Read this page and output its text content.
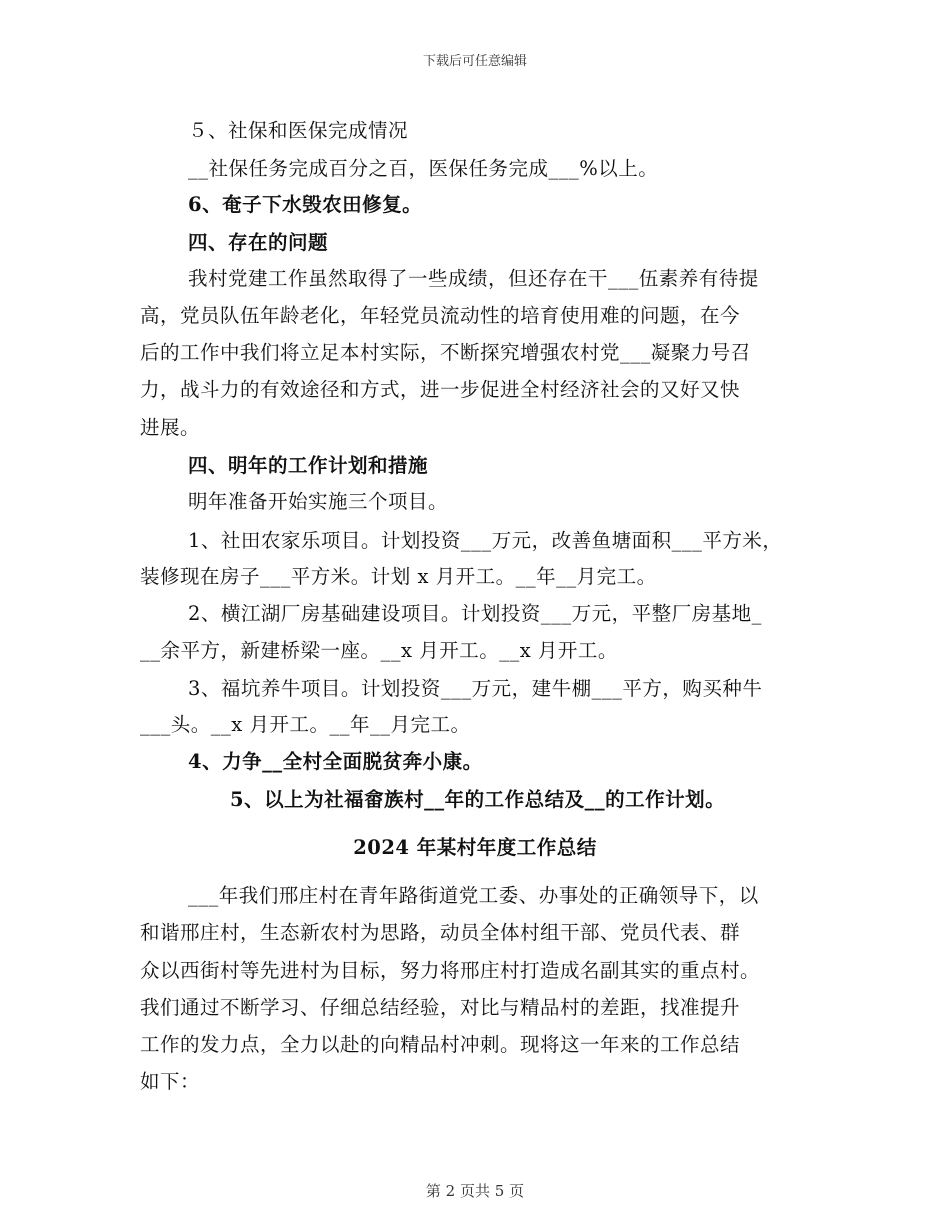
下载后可任意编辑
５、社保和医保完成情况
__社保任务完成百分之百，医保任务完成___%以上。
6、奄子下水毁农田修复。
四、存在的问题
我村党建工作虽然取得了一些成绩，但还存在干___伍素养有待提
高，党员队伍年龄老化，年轻党员流动性的培育使用难的问题，在今
后的工作中我们将立足本村实际，不断探究增强农村党___凝聚力号召
力，战斗力的有效途径和方式，进一步促进全村经济社会的又好又快
进展。
四、明年的工作计划和措施
明年准备开始实施三个项目。
1、社田农家乐项目。计划投资___万元，改善鱼塘面积___平方米，
装修现在房子___平方米。计划 x 月开工。__年__月完工。
2、横江湖厂房基础建设项目。计划投资___万元，平整厂房基地_
__余平方，新建桥梁一座。__x 月开工。__x 月开工。
3、福坑养牛项目。计划投资___万元，建牛棚___平方，购买种牛
___头。__x 月开工。__年__月完工。
4、力争__全村全面脱贫奔小康。
5、以上为社福畲族村__年的工作总结及__的工作计划。
2024 年某村年度工作总结
___年我们邢庄村在青年路街道党工委、办事处的正确领导下，以
和谐邢庄村，生态新农村为思路，动员全体村组干部、党员代表、群
众以西街村等先进村为目标，努力将邢庄村打造成名副其实的重点村。
我们通过不断学习、仔细总结经验，对比与精品村的差距，找准提升
工作的发力点，全力以赴的向精品村冲刺。现将这一年来的工作总结
如下：
第 2 页共 5 页
